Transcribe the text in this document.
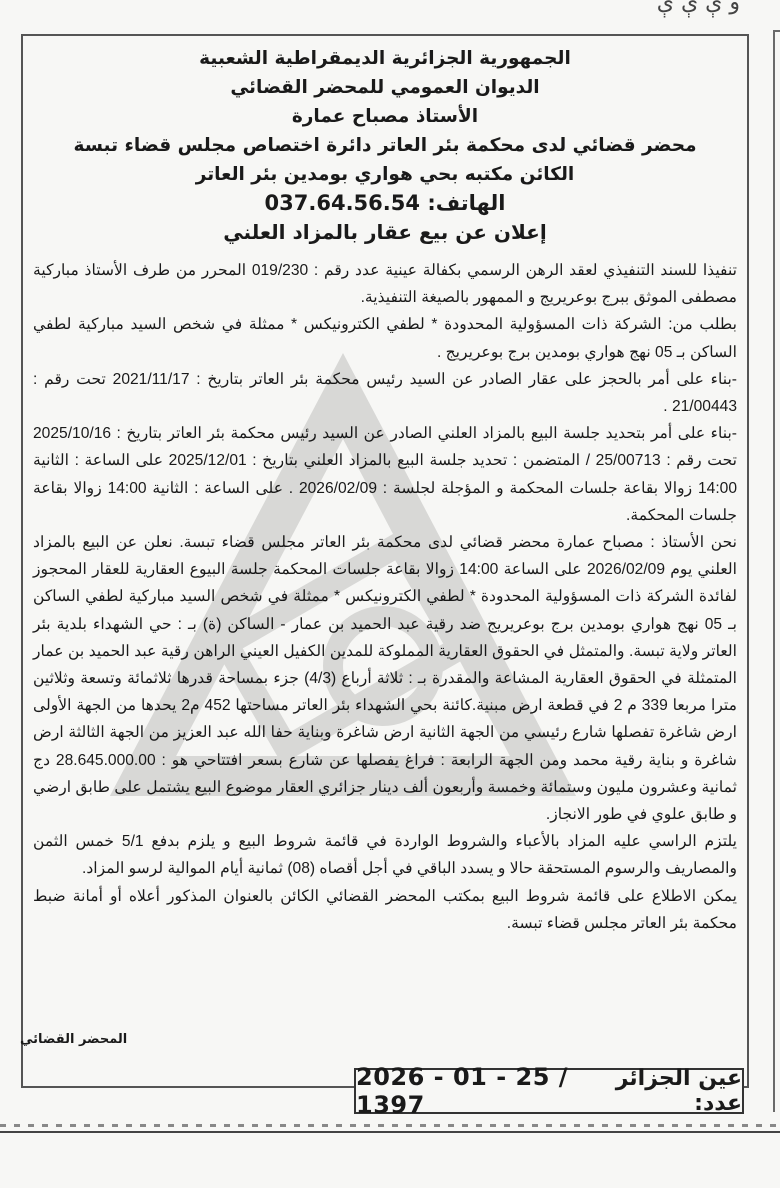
و ې ې ې
الجمهورية الجزائرية الديمقراطية الشعبية
الديوان العمومي للمحضر القضائي
الأستاذ مصباح عمارة
محضر قضائي لدى محكمة بئر العاتر دائرة اختصاص مجلس قضاء تبسة
الكائن مكتبه بحي هواري بومدين بئر العاتر
الهاتف: 037.64.56.54
إعلان عن بيع عقار بالمزاد العلني

تنفيذا للسند التنفيذي لعقد الرهن الرسمي بكفالة عينية عدد رقم : 019/230 المحرر من طرف الأستاذ مباركية مصطفى الموثق ببرج بوعريريج و الممهور بالصيغة التنفيذية.

بطلب من: الشركة ذات المسؤولية المحدودة * لطفي الكترونيكس * ممثلة في شخص السيد مباركية لطفي الساكن بـ 05 نهج هواري بومدين برج بوعريريج .

-بناء على أمر بالحجز على عقار الصادر عن السيد رئيس محكمة بئر العاتر بتاريخ : 2021/11/17 تحت رقم : 21/00443 .

-بناء على أمر بتحديد جلسة البيع بالمزاد العلني الصادر عن السيد رئيس محكمة بئر العاتر بتاريخ : 2025/10/16 تحت رقم : 25/00713 / المتضمن : تحديد جلسة البيع بالمزاد العلني بتاريخ : 2025/12/01 على الساعة : الثانية 14:00 زوالا بقاعة جلسات المحكمة و المؤجلة لجلسة : 2026/02/09 . على الساعة : الثانية 14:00 زوالا بقاعة جلسات المحكمة.

نحن الأستاذ : مصباح عمارة محضر قضائي لدى محكمة بئر العاتر مجلس قضاء تبسة. نعلن عن البيع بالمزاد العلني يوم 2026/02/09 على الساعة 14:00 زوالا بقاعة جلسات المحكمة جلسة البيوع العقارية للعقار المحجوز لفائدة الشركة ذات المسؤولية المحدودة * لطفي الكترونيكس * ممثلة في شخص السيد مباركية لطفي الساكن بـ 05 نهج هواري بومدين برج بوعريريج ضد رقية عبد الحميد بن عمار - الساكن (ة) بـ : حي الشهداء بلدية بئر العاتر ولاية تبسة. والمتمثل في الحقوق العقارية المملوكة للمدين الكفيل العيني الراهن رقية عبد الحميد بن عمار المتمثلة في الحقوق العقارية المشاعة والمقدرة بـ : ثلاثة أرباع (4/3) جزء بمساحة قدرها ثلاثمائة وتسعة وثلاثين مترا مربعا 339 م 2 في قطعة ارض مبنية.كائنة بحي الشهداء بئر العاتر مساحتها 452 م2 يحدها من الجهة الأولى ارض شاغرة تفصلها شارع رئيسي من الجهة الثانية ارض شاغرة وبناية حفا الله عبد العزيز من الجهة الثالثة ارض شاغرة و بناية رقية محمد ومن الجهة الرابعة : فراغ يفصلها عن شارع بسعر افتتاحي هو : 28.645.000.00 دج ثمانية وعشرون مليون وستمائة وخمسة وأربعون ألف دينار جزائري العقار موضوع البيع يشتمل على طابق ارضي و طابق علوي في طور الانجاز.

يلتزم الراسي عليه المزاد بالأعباء والشروط الواردة في قائمة شروط البيع و يلزم بدفع 5/1 خمس الثمن والمصاريف والرسوم المستحقة حالا و يسدد الباقي في أجل أقصاه (08) ثمانية أيام الموالية لرسو المزاد.

يمكن الاطلاع على قائمة شروط البيع بمكتب المحضر القضائي الكائن بالعنوان المذكور أعلاه أو أمانة ضبط محكمة بئر العاتر مجلس قضاء تبسة.

المحضر القضائي
عين الجزائر عدد:
2026 - 01 - 25 / 1397
